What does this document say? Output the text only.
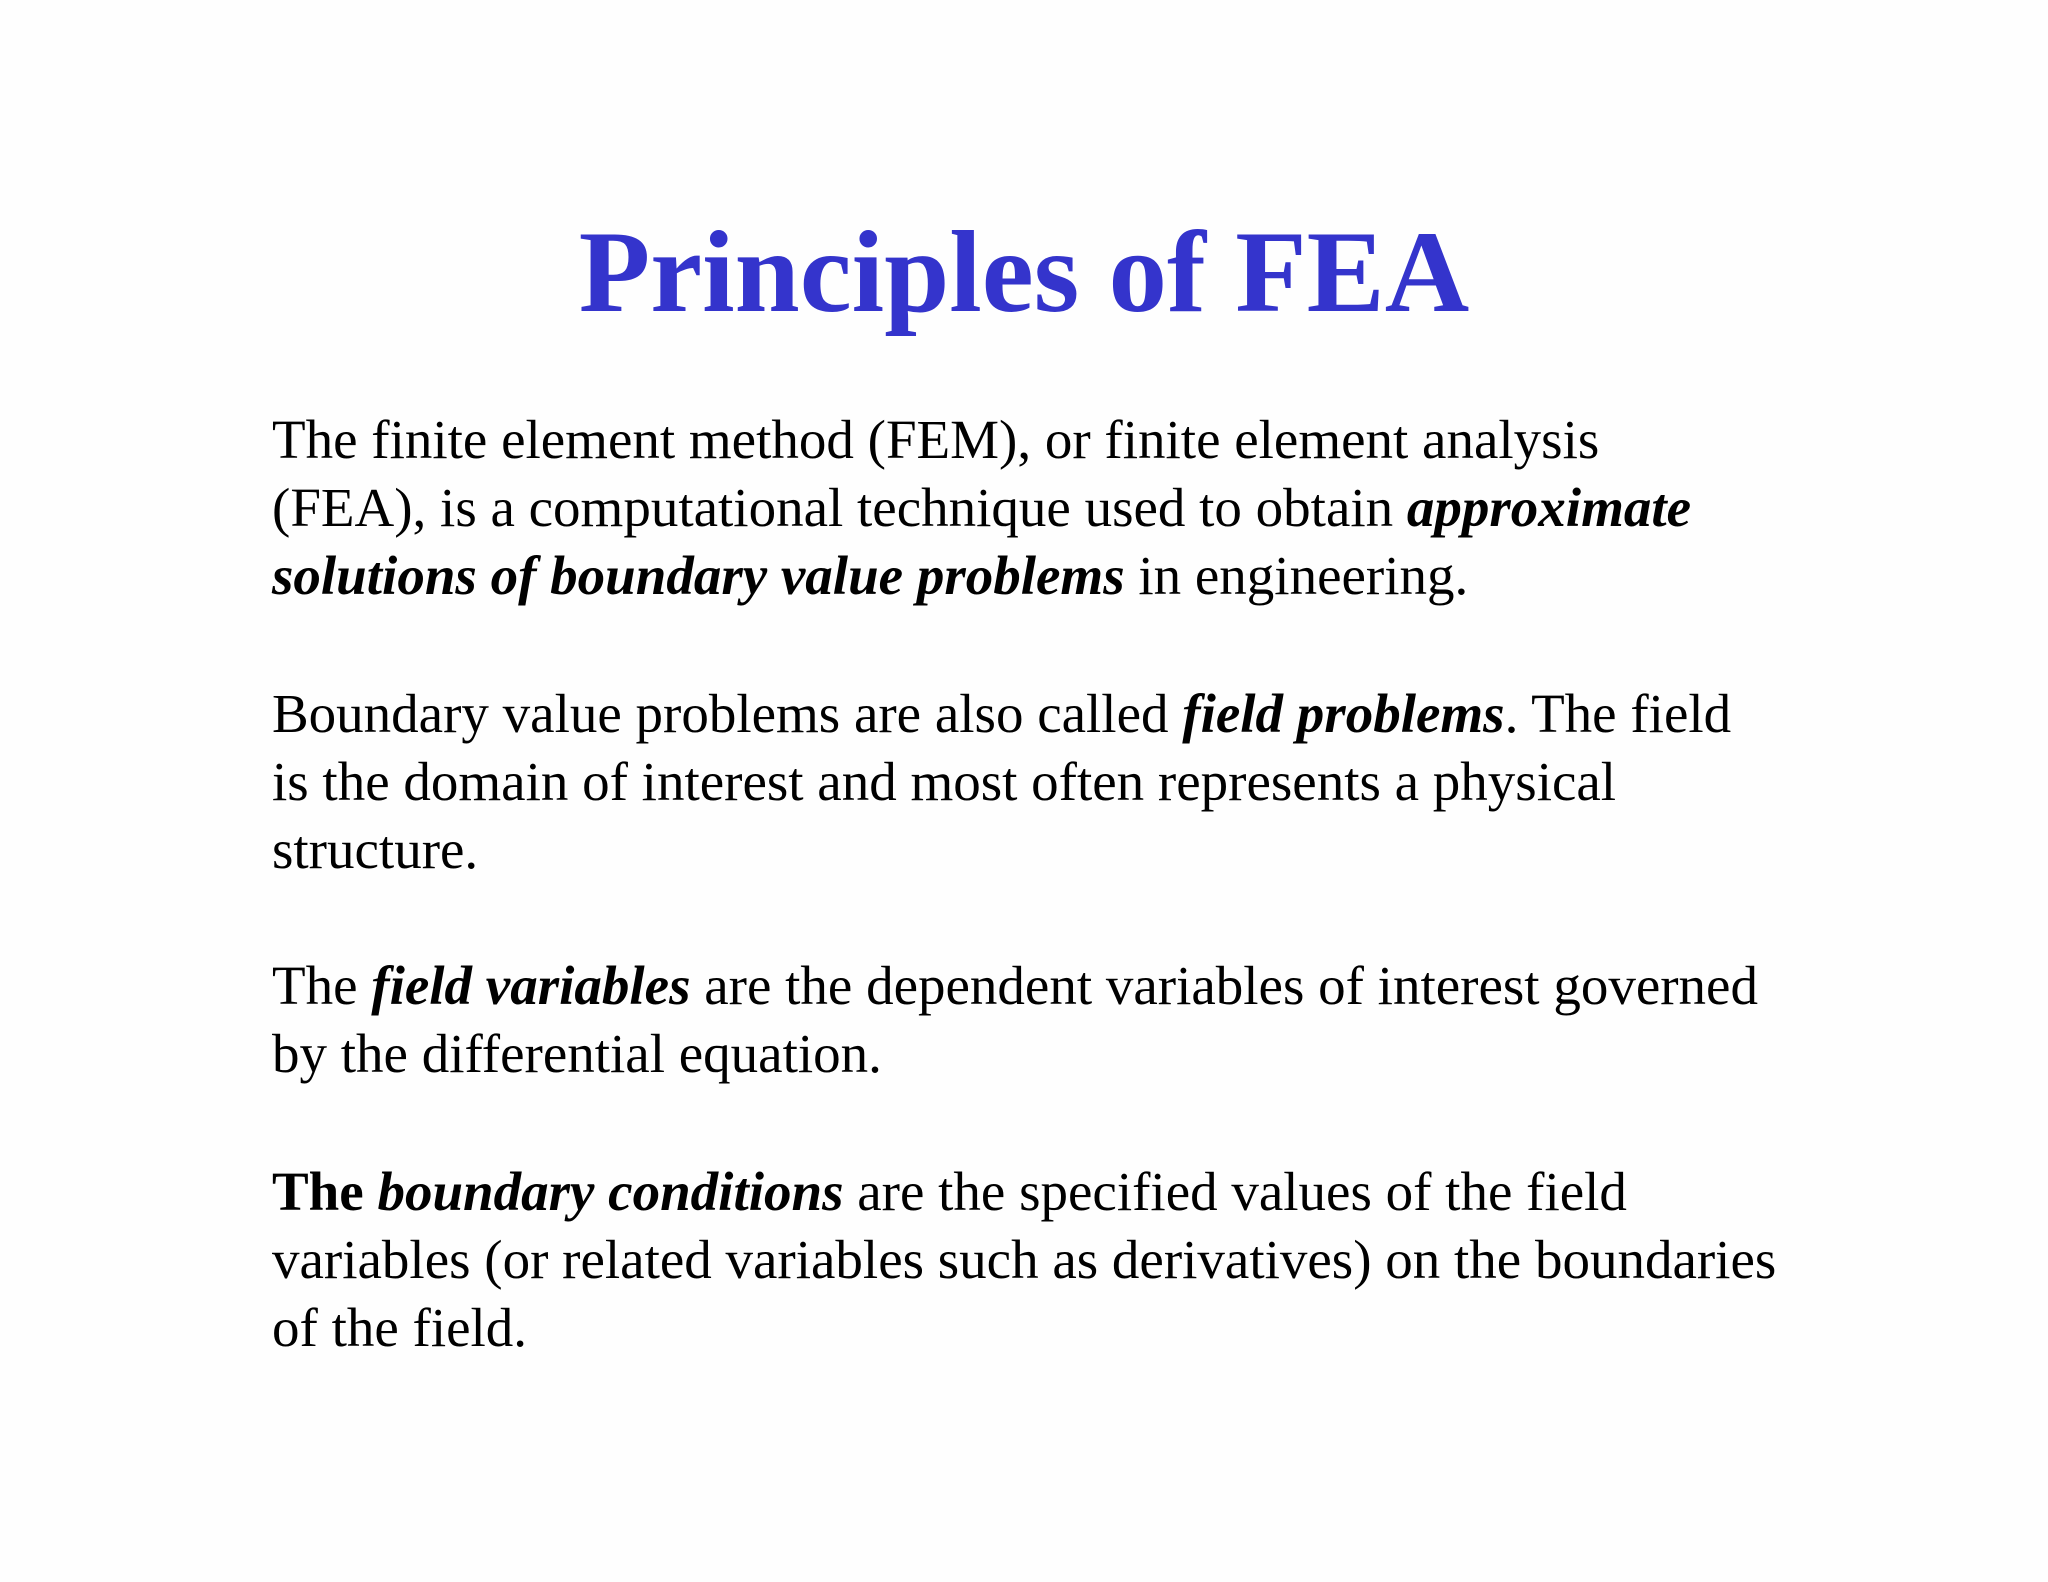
Principles of FEA

The finite element method (FEM), or finite element analysis
(FEA), is a computational technique used to obtain approximate
solutions of boundary value problems in engineering.

Boundary value problems are also called field problems. The field
is the domain of interest and most often represents a physical
structure.

The field variables are the dependent variables of interest governed
by the differential equation.

The boundary conditions are the specified values of the field
variables (or related variables such as derivatives) on the boundaries
of the field.
